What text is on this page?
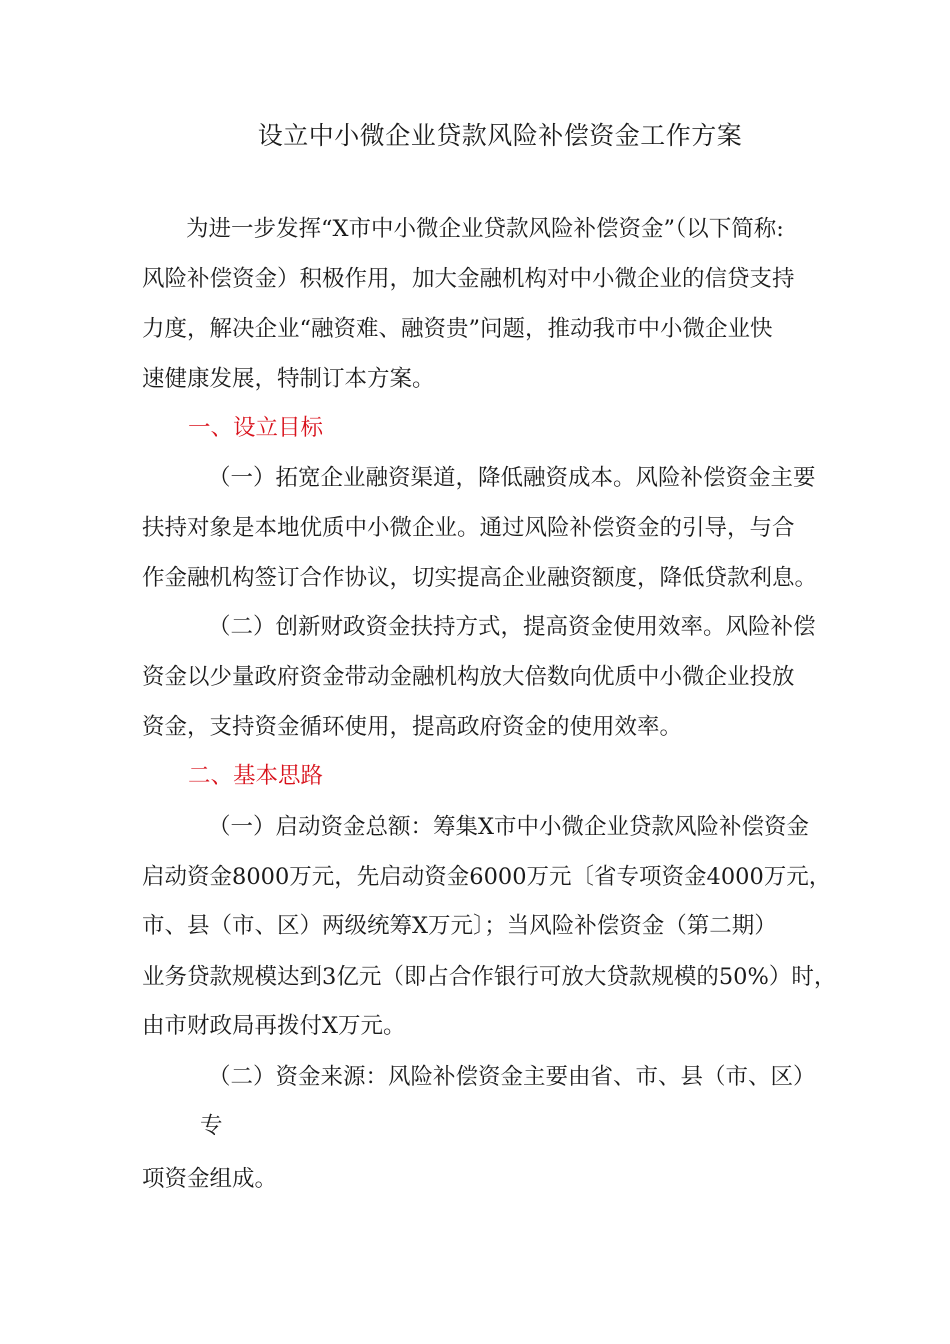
设立中小微企业贷款风险补偿资金工作方案
为进一步发挥“X市中小微企业贷款风险补偿资金”（以下简称:
风险补偿资金）积极作用，加大金融机构对中小微企业的信贷支持
力度，解决企业“融资难、融资贵”问题，推动我市中小微企业快
速健康发展，特制订本方案。
一、设立目标
（一）拓宽企业融资渠道，降低融资成本。风险补偿资金主要
扶持对象是本地优质中小微企业。通过风险补偿资金的引导，与合
作金融机构签订合作协议，切实提高企业融资额度，降低贷款利息。
（二）创新财政资金扶持方式，提高资金使用效率。风险补偿
资金以少量政府资金带动金融机构放大倍数向优质中小微企业投放
资金，支持资金循环使用，提高政府资金的使用效率。
二、基本思路
（一）启动资金总额：筹集X市中小微企业贷款风险补偿资金
启动资金8000万元，先启动资金6000万元〔省专项资金4000万元，
市、县（市、区）两级统筹X万元〕；当风险补偿资金（第二期）
业务贷款规模达到3亿元（即占合作银行可放大贷款规模的50%）时，
由市财政局再拨付X万元。
（二）资金来源：风险补偿资金主要由省、市、县（市、区）
专
项资金组成。
